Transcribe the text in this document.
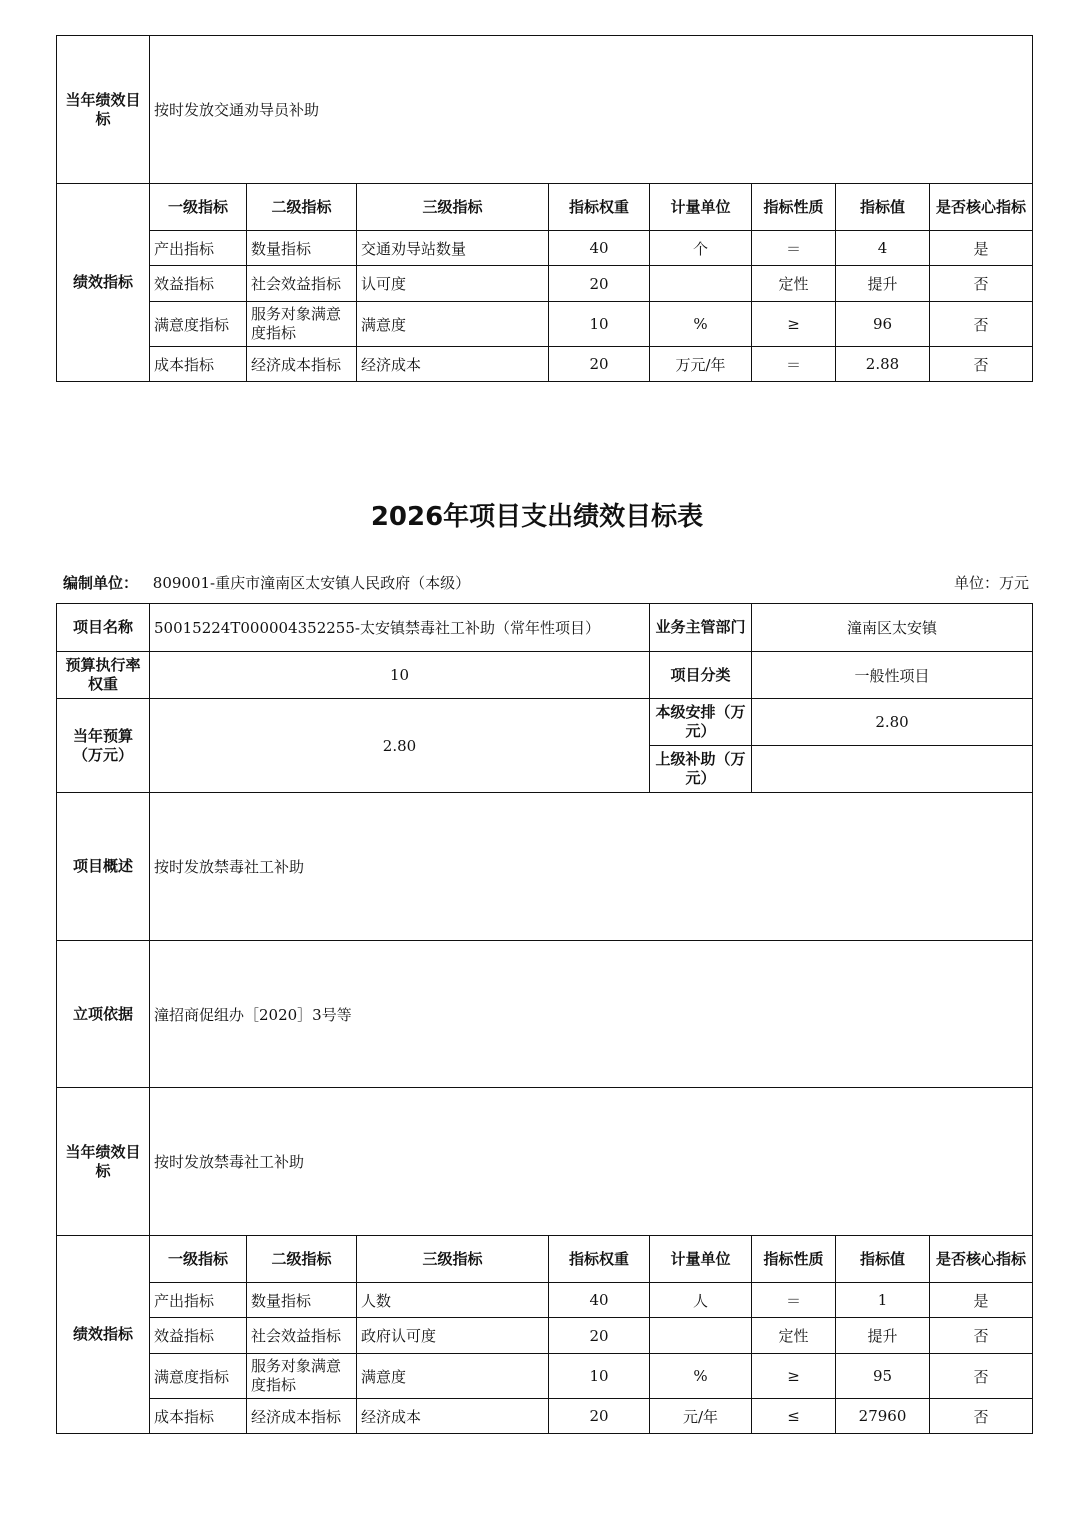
当年绩效目标	按时发放交通劝导员补助							
绩效指标	一级指标	二级指标	三级指标	指标权重	计量单位	指标性质	指标值	是否核心指标
	产出指标	数量指标	交通劝导站数量	40	个	＝	4	是
	效益指标	社会效益指标	认可度	20		定性	提升	否
	满意度指标	服务对象满意度指标	满意度	10	%	≥	96	否
	成本指标	经济成本指标	经济成本	20	万元/年	＝	2.88	否
2026年项目支出绩效目标表
编制单位： 809001-重庆市潼南区太安镇人民政府（本级）	单位：万元
项目名称	50015224T000004352255-太安镇禁毒社工补助（常年性项目）				业务主管部门	潼南区太安镇		
预算执行率权重	10				项目分类	一般性项目		
当年预算（万元）	2.80				本级安排（万元）	2.80		
					上级补助（万元）			
项目概述	按时发放禁毒社工补助							
立项依据	潼招商促组办［2020］3号等							
当年绩效目标	按时发放禁毒社工补助							
绩效指标	一级指标	二级指标	三级指标	指标权重	计量单位	指标性质	指标值	是否核心指标
	产出指标	数量指标	人数	40	人	＝	1	是
	效益指标	社会效益指标	政府认可度	20		定性	提升	否
	满意度指标	服务对象满意度指标	满意度	10	%	≥	95	否
	成本指标	经济成本指标	经济成本	20	元/年	≤	27960	否
